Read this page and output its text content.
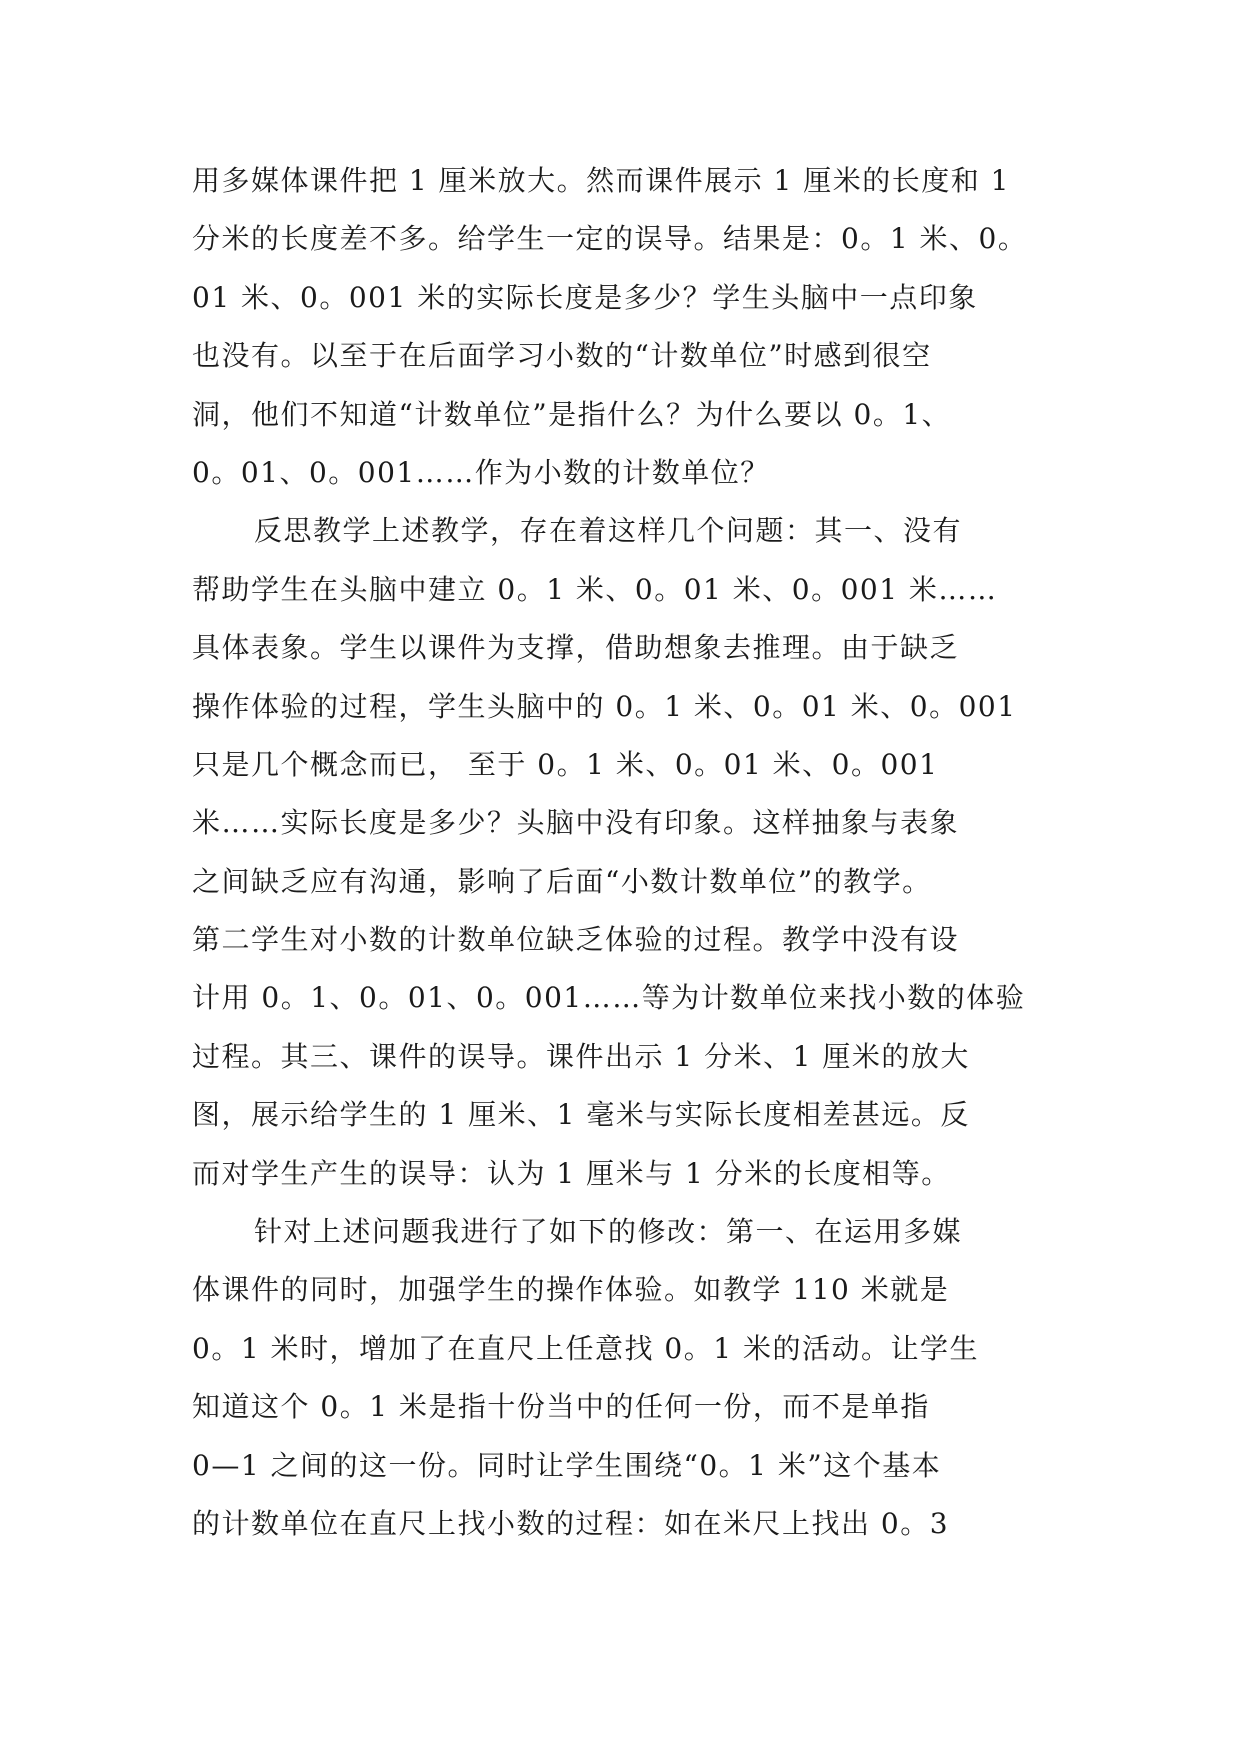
用多媒体课件把 1 厘米放大。然而课件展示 1 厘米的长度和 1
分米的长度差不多。给学生一定的误导。结果是：0。1 米、0。
01 米、0。001 米的实际长度是多少？学生头脑中一点印象
也没有。以至于在后面学习小数的“计数单位”时感到很空
洞，他们不知道“计数单位”是指什么？为什么要以 0。1、
0。01、0。001……作为小数的计数单位？
反思教学上述教学，存在着这样几个问题：其一、没有
帮助学生在头脑中建立 0。1 米、0。01 米、0。001 米……
具体表象。学生以课件为支撑，借助想象去推理。由于缺乏
操作体验的过程，学生头脑中的 0。1 米、0。01 米、0。001
只是几个概念而已， 至于 0。1 米、0。01 米、0。001
米……实际长度是多少？头脑中没有印象。这样抽象与表象
之间缺乏应有沟通，影响了后面“小数计数单位”的教学。
第二学生对小数的计数单位缺乏体验的过程。教学中没有设
计用 0。1、0。01、0。001……等为计数单位来找小数的体验
过程。其三、课件的误导。课件出示 1 分米、1 厘米的放大
图，展示给学生的 1 厘米、1 毫米与实际长度相差甚远。反
而对学生产生的误导：认为 1 厘米与 1 分米的长度相等。
针对上述问题我进行了如下的修改：第一、在运用多媒
体课件的同时，加强学生的操作体验。如教学 110 米就是
0。1 米时，增加了在直尺上任意找 0。1 米的活动。让学生
知道这个 0。1 米是指十份当中的任何一份，而不是单指
0—1 之间的这一份。同时让学生围绕“0。1 米”这个基本
的计数单位在直尺上找小数的过程：如在米尺上找出 0。3
